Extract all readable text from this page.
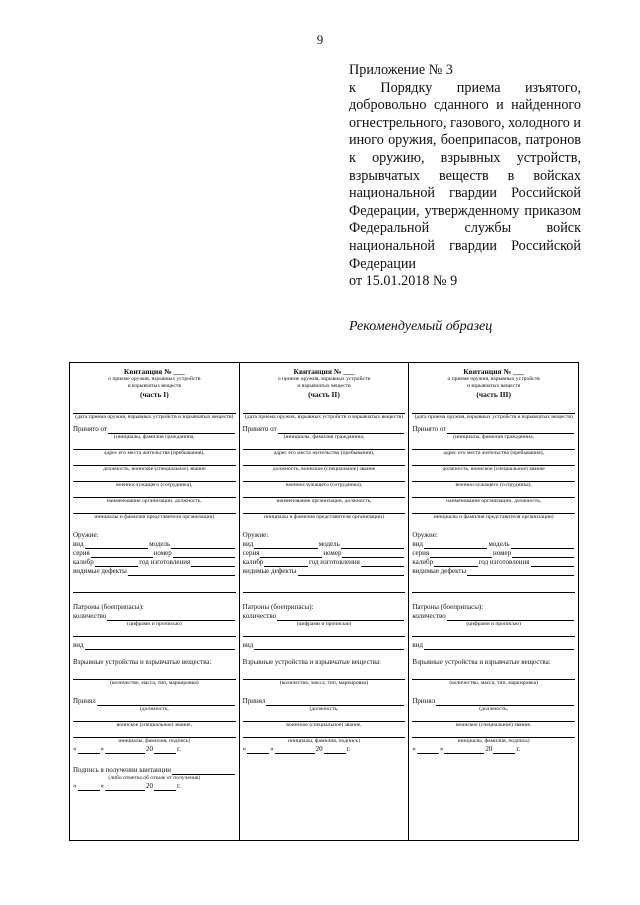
9
Приложение № 3
к Порядку приема изъятого, добровольно сданного и найденного огнестрельного, газового, холодного и иного оружия, боеприпасов, патронов к оружию, взрывных устройств, взрывчатых веществ в войсках национальной гвардии Российской Федерации, утвержденному приказом Федеральной службы войск национальной гвардии Российской Федерации
от 15.01.2018 № 9
Рекомендуемый образец
Квитанция № ___
о приеме оружия, взрывных устройств
и взрывчатых веществ
(часть I)
(дата приема оружия, взрывных устройств и взрывчатых веществ)
Принято от
(инициалы, фамилия гражданина,
адрес его места жительства (пребывания),
должность, воинское (специальное) звание
военнослужащего (сотрудника),
наименование организации, должность,
инициалы и фамилия представителя организации)
Оружие:
вид	модель
серия	номер
калибр	год изготовления
видимые дефекты
Патроны (боеприпасы):
количество
(цифрами и прописью)
вид
Взрывные устройства и взрывчатые вещества:
(количество, масса, тип, маркировка)
Принял
(должность,
воинское (специальное) звание,
инициалы, фамилия, подпись)
«	»	20	г.
Подпись в получении квитанции
(либо отметка об отказе от получения)
«	»	20	г.
Квитанция № ___
о приеме оружия, взрывных устройств
и взрывчатых веществ
(часть II)
(дата приема оружия, взрывных устройств и взрывчатых веществ)
Принято от
(инициалы, фамилия гражданина,
адрес его места жительства (пребывания),
должность, воинское (специальное) звание
военнослужащего (сотрудника),
наименование организации, должность,
инициалы и фамилия представителя организации)
Оружие:
вид	модель
серия	номер
калибр	год изготовления
видимые дефекты
Патроны (боеприпасы):
количество
(цифрами и прописью)
вид
Взрывные устройства и взрывчатые вещества:
(количество, масса, тип, маркировка)
Принял
(должность,
воинское (специальное) звание,
инициалы, фамилия, подпись)
«	»	20	г.
Квитанция № ___
о приеме оружия, взрывных устройств
и взрывчатых веществ
(часть III)
(дата приема оружия, взрывных устройств и взрывчатых веществ)
Принято от
(инициалы, фамилия гражданина,
адрес его места жительства (пребывания),
должность, воинское (специальное) звание
военнослужащего (сотрудника),
наименование организации, должность,
инициалы и фамилия представителя организации)
Оружие:
вид	модель
серия	номер
калибр	год изготовления
видимые дефекты
Патроны (боеприпасы):
количество
(цифрами и прописью)
вид
Взрывные устройства и взрывчатые вещества:
(количество, масса, тип, маркировка)
Принял
(должность,
воинское (специальное) звание,
инициалы, фамилия, подпись)
«	»	20	г.
